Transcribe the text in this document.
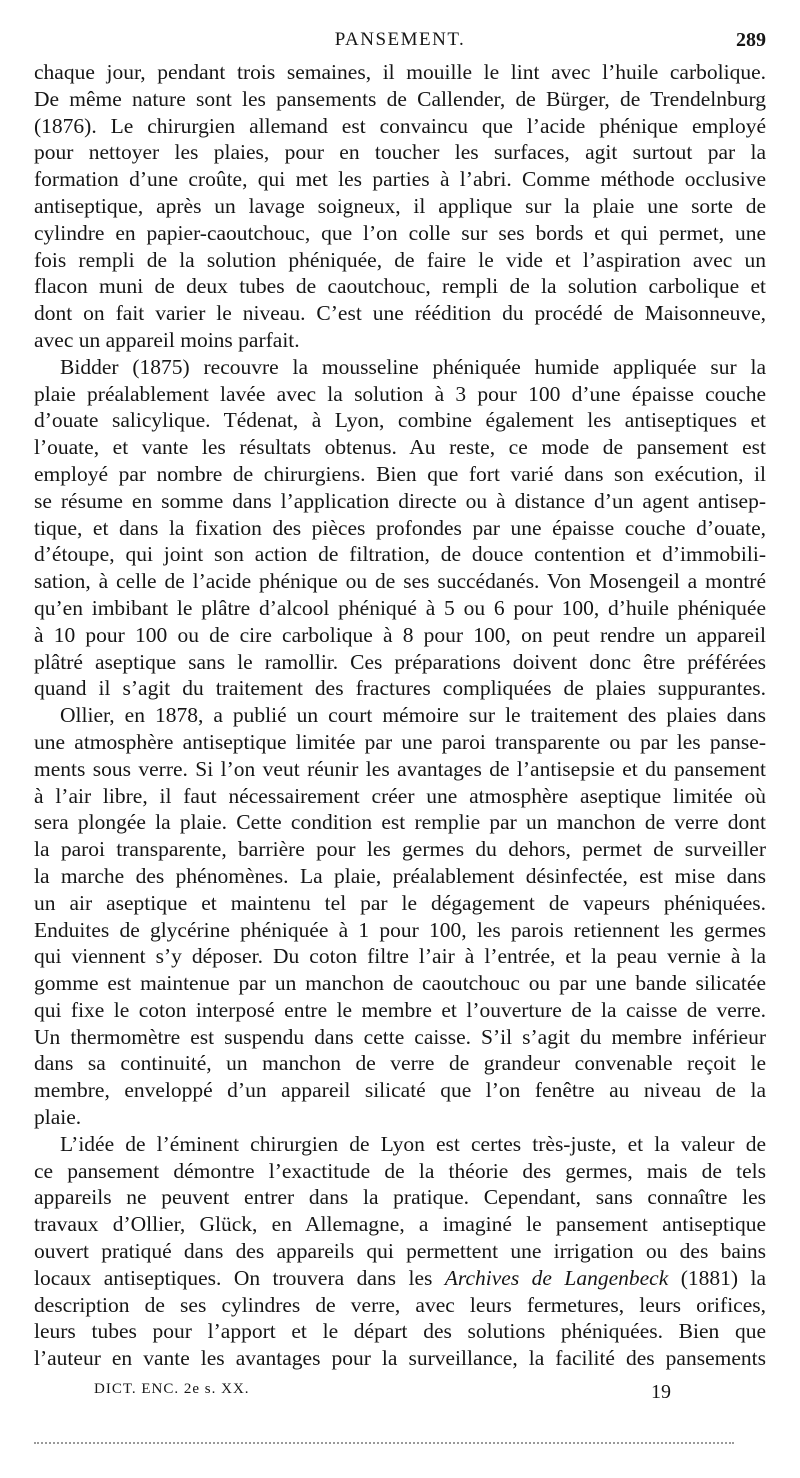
PANSEMENT.	289
chaque jour, pendant trois semaines, il mouille le lint avec l’huile carbolique.
De même nature sont les pansements de Callender, de Bürger, de Trendelnburg
(1876). Le chirurgien allemand est convaincu que l’acide phénique employé
pour nettoyer les plaies, pour en toucher les surfaces, agit surtout par la
formation d’une croûte, qui met les parties à l’abri. Comme méthode occlusive
antiseptique, après un lavage soigneux, il applique sur la plaie une sorte de
cylindre en papier-caoutchouc, que l’on colle sur ses bords et qui permet, une
fois rempli de la solution phéniquée, de faire le vide et l’aspiration avec un
flacon muni de deux tubes de caoutchouc, rempli de la solution carbolique et
dont on fait varier le niveau. C’est une réédition du procédé de Maisonneuve,
avec un appareil moins parfait.
Bidder (1875) recouvre la mousseline phéniquée humide appliquée sur la
plaie préalablement lavée avec la solution à 3 pour 100 d’une épaisse couche
d’ouate salicylique. Tédenat, à Lyon, combine également les antiseptiques et
l’ouate, et vante les résultats obtenus. Au reste, ce mode de pansement est
employé par nombre de chirurgiens. Bien que fort varié dans son exécution, il
se résume en somme dans l’application directe ou à distance d’un agent antisep-
tique, et dans la fixation des pièces profondes par une épaisse couche d’ouate,
d’étoupe, qui joint son action de filtration, de douce contention et d’immobili-
sation, à celle de l’acide phénique ou de ses succédanés. Von Mosengeil a montré
qu’en imbibant le plâtre d’alcool phéniqué à 5 ou 6 pour 100, d’huile phéniquée
à 10 pour 100 ou de cire carbolique à 8 pour 100, on peut rendre un appareil
plâtré aseptique sans le ramollir. Ces préparations doivent donc être préférées
quand il s’agit du traitement des fractures compliquées de plaies suppurantes.
Ollier, en 1878, a publié un court mémoire sur le traitement des plaies dans
une atmosphère antiseptique limitée par une paroi transparente ou par les panse-
ments sous verre. Si l’on veut réunir les avantages de l’antisepsie et du pansement
à l’air libre, il faut nécessairement créer une atmosphère aseptique limitée où
sera plongée la plaie. Cette condition est remplie par un manchon de verre dont
la paroi transparente, barrière pour les germes du dehors, permet de surveiller
la marche des phénomènes. La plaie, préalablement désinfectée, est mise dans
un air aseptique et maintenu tel par le dégagement de vapeurs phéniquées.
Enduites de glycérine phéniquée à 1 pour 100, les parois retiennent les germes
qui viennent s’y déposer. Du coton filtre l’air à l’entrée, et la peau vernie à la
gomme est maintenue par un manchon de caoutchouc ou par une bande silicatée
qui fixe le coton interposé entre le membre et l’ouverture de la caisse de verre.
Un thermomètre est suspendu dans cette caisse. S’il s’agit du membre inférieur
dans sa continuité, un manchon de verre de grandeur convenable reçoit le
membre, enveloppé d’un appareil silicaté que l’on fenêtre au niveau de la
plaie.
L’idée de l’éminent chirurgien de Lyon est certes très-juste, et la valeur de
ce pansement démontre l’exactitude de la théorie des germes, mais de tels
appareils ne peuvent entrer dans la pratique. Cependant, sans connaître les
travaux d’Ollier, Glück, en Allemagne, a imaginé le pansement antiseptique
ouvert pratiqué dans des appareils qui permettent une irrigation ou des bains
locaux antiseptiques. On trouvera dans les Archives de Langenbeck (1881) la
description de ses cylindres de verre, avec leurs fermetures, leurs orifices,
leurs tubes pour l’apport et le départ des solutions phéniquées. Bien que
l’auteur en vante les avantages pour la surveillance, la facilité des pansements
DICT. ENC. 2e s. XX.	19
